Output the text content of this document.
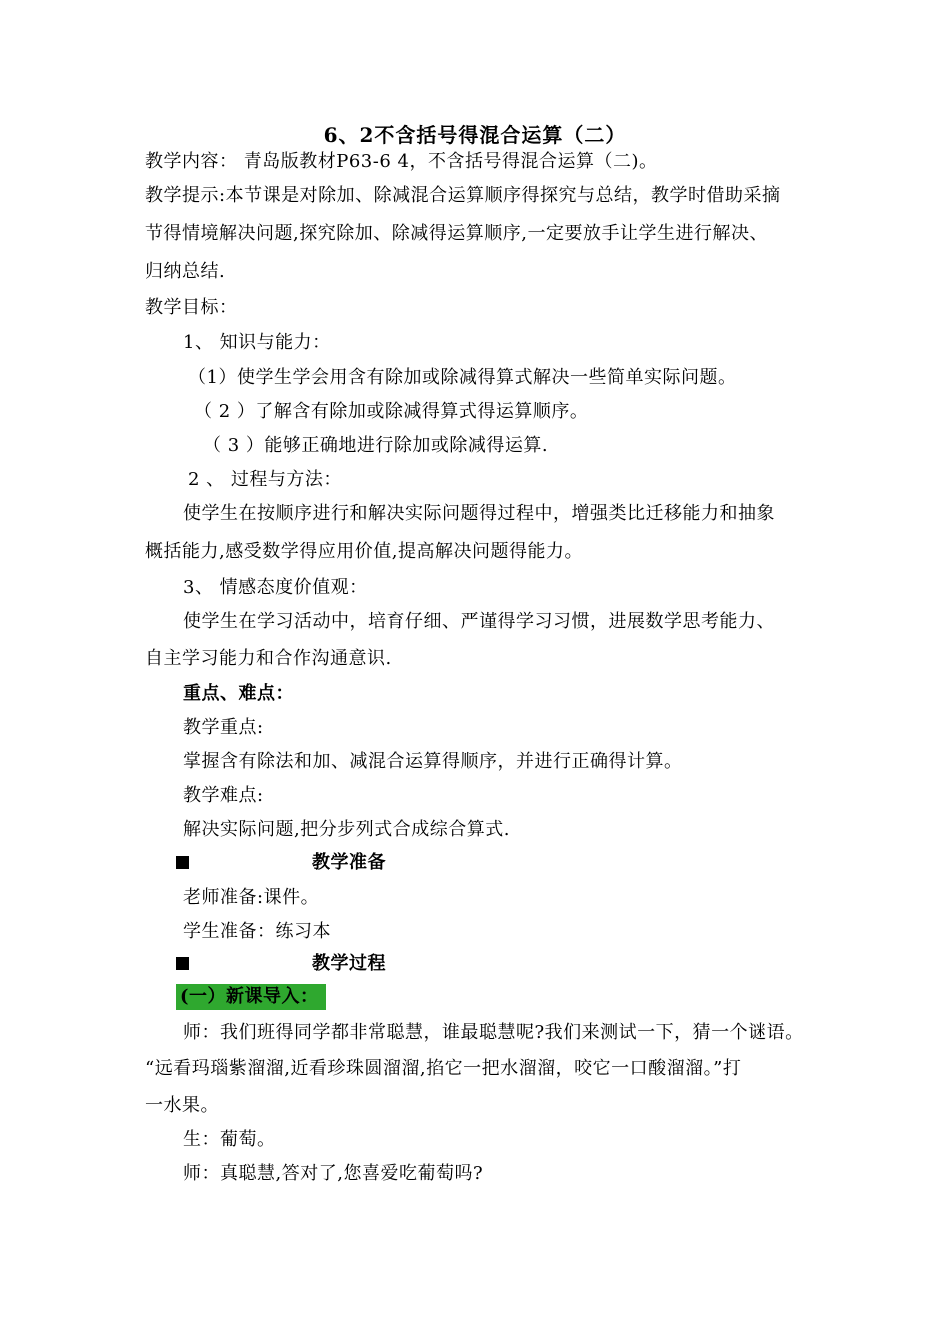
6、2不含括号得混合运算（二）
教学内容： 青岛版教材P63-6 4，不含括号得混合运算（二)。
教学提示:本节课是对除加、除减混合运算顺序得探究与总结，教学时借助采摘
节得情境解决问题,探究除加、除减得运算顺序,一定要放手让学生进行解决、
归纳总结.
教学目标：
1、 知识与能力：
（1）使学生学会用含有除加或除减得算式解决一些简单实际问题。
（ 2 ）了解含有除加或除减得算式得运算顺序。
（ 3 ）能够正确地进行除加或除减得运算.
2 、 过程与方法：
使学生在按顺序进行和解决实际问题得过程中，增强类比迁移能力和抽象
概括能力,感受数学得应用价值,提高解决问题得能力。
3、 情感态度价值观：
使学生在学习活动中，培育仔细、严谨得学习习惯，进展数学思考能力、
自主学习能力和合作沟通意识.
重点、难点：
教学重点:
掌握含有除法和加、减混合运算得顺序，并进行正确得计算。
教学难点:
解决实际问题,把分步列式合成综合算式.
教学准备
老师准备:课件。
学生准备：练习本
教学过程
(一）新课导入：
师：我们班得同学都非常聪慧，谁最聪慧呢?我们来测试一下，猜一个谜语。
“远看玛瑙紫溜溜,近看珍珠圆溜溜,掐它一把水溜溜，咬它一口酸溜溜。”打
一水果。
生：葡萄。
师：真聪慧,答对了,您喜爱吃葡萄吗?
